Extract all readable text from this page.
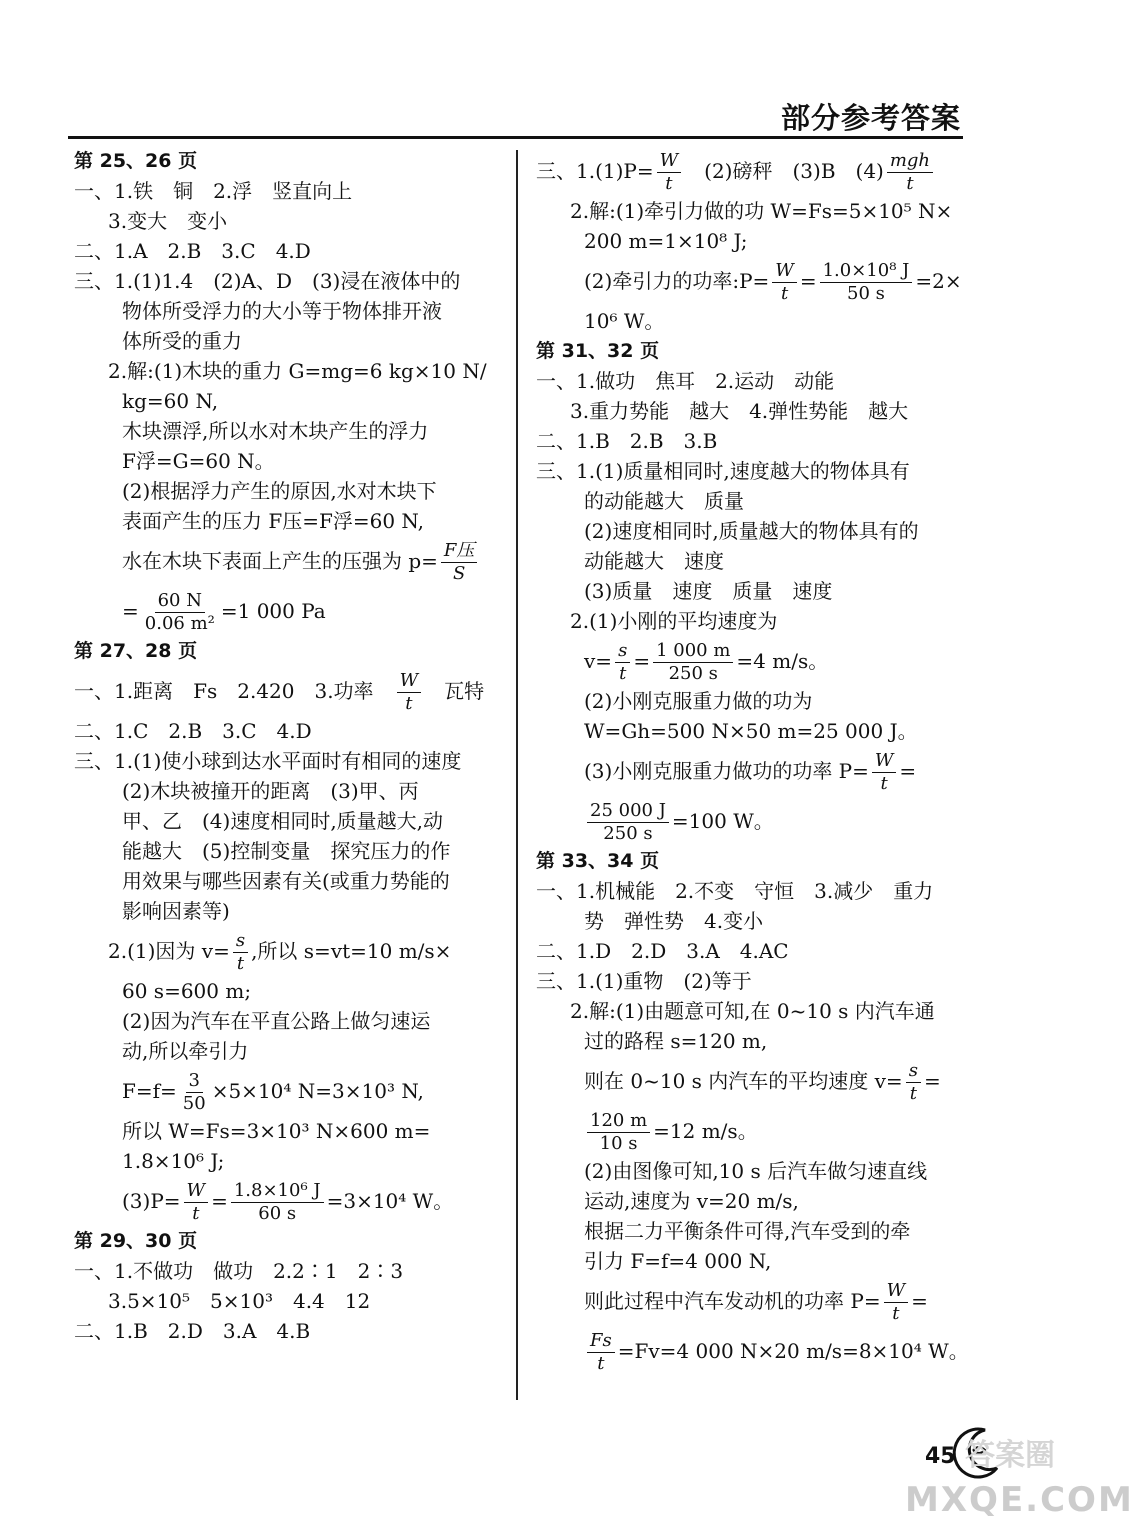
部分参考答案
第 25、26 页
一、1.铁　铜　2.浮　竖直向上
3.变大　变小
二、1.A　2.B　3.C　4.D
三、1.(1)1.4　(2)A、D　(3)浸在液体中的
物体所受浮力的大小等于物体排开液
体所受的重力
2.解:(1)木块的重力 G=mg=6 kg×10 N/
kg=60 N,
木块漂浮,所以水对木块产生的浮力
F浮=G=60 N。
(2)根据浮力产生的原因,水对木块下
表面产生的压力 F压=F浮=60 N,
水在木块下表面上产生的压强为 $p= \frac{\text{F压}}{S}$
= $\frac{60 N}{\text{0.06 m²}} =1$ 000 Pa
第 27、28 页
一、1.距离　Fs　2.420　3.功率　 $\frac{W}{t}$
　 瓦特
二、1.C　2.B　3.C　4.D
三、1.(1)使小球到达水平面时有相同的速度
(2)木块被撞开的距离　(3)甲、丙
甲、乙　(4)速度相同时,质量越大,动
能越大　(5)控制变量　探究压力的作
用效果与哪些因素有关(或重力势能的
影响因素等)
2.(1)因为 $v= \frac{s}{t}$ ,所以 s=vt=10 m/s×
60 s=600 m;
(2)因为汽车在平直公路上做匀速运
动,所以牵引力
$F=f= \frac{3}{50} \times 5\times 10^4$ N=3×10³ N,
所以 W=Fs=3×10³ N×600 m=
1.8×10⁶ J;
$(3)P= \frac{W}{t} = \frac{\text{1.8×10⁶ J}}{60 s} =3\times 10^4$ W。
第 29、30 页
一、1.不做功　做功　2.2∶1　2∶3
3.5×10⁵　5×10³　4.4　12
二、1.B　2.D　3.A　4.B
三、$1.(1)P= \frac{W}{t}$
　 (2)磅秤　(3)B　$(4) \frac{\text{mgh}}{t}$
2.解:(1)牵引力做的功 W=Fs=5×10⁵ N×
200 m=1×10⁸ J;
(2)牵引力的功率:P= $\frac{W}{t} = \frac{\text{1.0×10⁸ J}}{50 s} =2\times$
10⁶ W。
第 31、32 页
一、1.做功　焦耳　2.运动　动能
3.重力势能　越大　4.弹性势能　越大
二、1.B　2.B　3.B
三、1.(1)质量相同时,速度越大的物体具有
的动能越大　质量
(2)速度相同时,质量越大的物体具有的
动能越大　速度
(3)质量　速度　质量　速度
2.(1)小刚的平均速度为
$v= \frac{s}{t} = \frac{1 000 m}{250 s} =4$ m/s。
(2)小刚克服重力做的功为
W=Gh=500 N×50 m=25 000 J。
(3)小刚克服重力做功的功率 $P= \frac{W}{t}$ =
$\frac{25 000 J}{250 s} =100$ W。
第 33、34 页
一、1.机械能　2.不变　守恒　3.减少　重力
势　弹性势　4.变小
二、1.D　2.D　3.A　4.AC
三、1.(1)重物　(2)等于
2.解:(1)由题意可知,在 0~10 s 内汽车通
过的路程 s=120 m,
则在 0~10 s 内汽车的平均速度 $v= \frac{s}{t}$ =
$\frac{120 m}{10 s} =12$ m/s。
(2)由图像可知,10 s 后汽车做匀速直线
运动,速度为 v=20 m/s,
根据二力平衡条件可得,汽车受到的牵
引力 F=f=4 000 N,
则此过程中汽车发动机的功率 $P= \frac{W}{t}$ =
$\frac{Fs}{t} =Fv=4$ 000 N×20 m/s=8×10⁴ W。
45 答案圈
MXQE.COM
